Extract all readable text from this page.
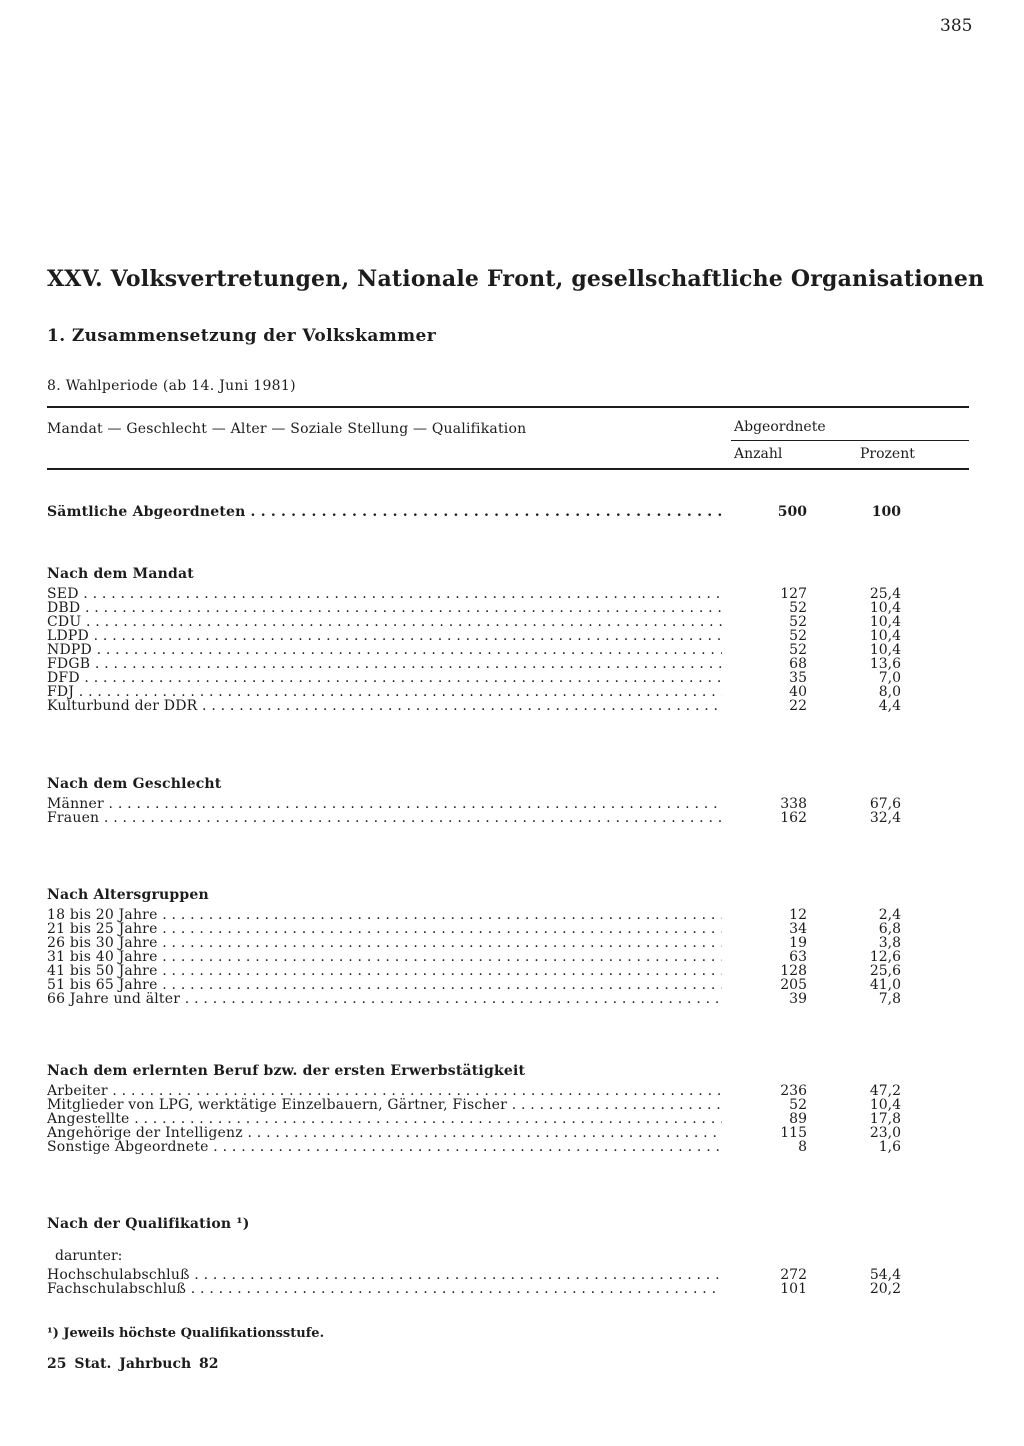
385
XXV. Volksvertretungen, Nationale Front, gesellschaftliche Organisationen
1. Zusammensetzung der Volkskammer
8. Wahlperiode (ab 14. Juni 1981)
Mandat — Geschlecht — Alter — Soziale Stellung — Qualifikation	Abgeordnete
Anzahl	Prozent
Sämtliche Abgeordneten . . .	500	100
Nach dem Mandat
SED . . .	127	25,4
DBD . . .	52	10,4
CDU . . .	52	10,4
LDPD . . .	52	10,4
NDPD . . .	52	10,4
FDGB . . .	68	13,6
DFD . . .	35	7,0
FDJ . . .	40	8,0
Kulturbund der DDR . . .	22	4,4
Nach dem Geschlecht
Männer . . .	338	67,6
Frauen . . .	162	32,4
Nach Altersgruppen
18 bis 20 Jahre . . .	12	2,4
21 bis 25 Jahre . . .	34	6,8
26 bis 30 Jahre . . .	19	3,8
31 bis 40 Jahre . . .	63	12,6
41 bis 50 Jahre . . .	128	25,6
51 bis 65 Jahre . . .	205	41,0
66 Jahre und älter . . .	39	7,8
Nach dem erlernten Beruf bzw. der ersten Erwerbstätigkeit
Arbeiter . . .	236	47,2
Mitglieder von LPG, werktätige Einzelbauern, Gärtner, Fischer . . .	52	10,4
Angestellte . . .	89	17,8
Angehörige der Intelligenz . . .	115	23,0
Sonstige Abgeordnete . . .	8	1,6
Nach der Qualifikation ¹)
darunter:
Hochschulabschluß . . .	272	54,4
Fachschulabschluß . . .	101	20,2
¹) Jeweils höchste Qualifikationsstufe.
25 Stat. Jahrbuch 82
